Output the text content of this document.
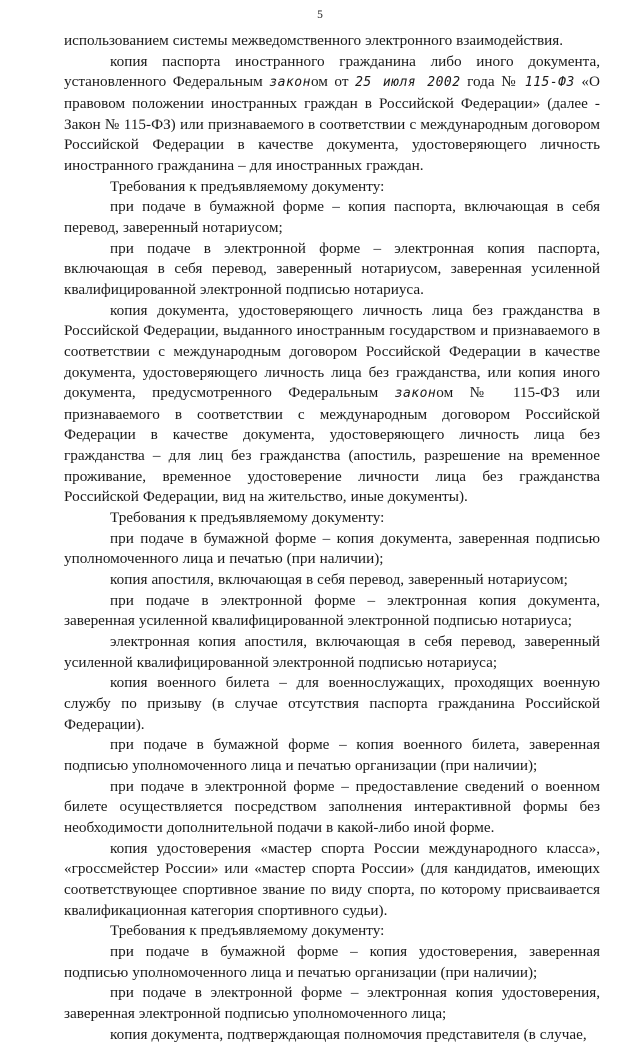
5

использованием системы межведомственного электронного взаимодействия.

копия паспорта иностранного гражданина либо иного документа, установленного Федеральным законом от 25 июля 2002 года № 115-ФЗ «О правовом положении иностранных граждан в Российской Федерации» (далее - Закон № 115-ФЗ) или признаваемого в соответствии с международным договором Российской Федерации в качестве документа, удостоверяющего личность иностранного гражданина – для иностранных граждан.

Требования к предъявляемому документу:

при подаче в бумажной форме – копия паспорта, включающая в себя перевод, заверенный нотариусом;

при подаче в электронной форме – электронная копия паспорта, включающая в себя перевод, заверенный нотариусом, заверенная усиленной квалифицированной электронной подписью нотариуса.

копия документа, удостоверяющего личность лица без гражданства в Российской Федерации, выданного иностранным государством и признаваемого в соответствии с международным договором Российской Федерации в качестве документа, удостоверяющего личность лица без гражданства, или копия иного документа, предусмотренного Федеральным законом № 115-ФЗ или признаваемого в соответствии с международным договором Российской Федерации в качестве документа, удостоверяющего личность лица без гражданства – для лиц без гражданства (апостиль, разрешение на временное проживание, временное удостоверение личности лица без гражданства Российской Федерации, вид на жительство, иные документы).

Требования к предъявляемому документу:

при подаче в бумажной форме – копия документа, заверенная подписью уполномоченного лица и печатью (при наличии);

копия апостиля, включающая в себя перевод, заверенный нотариусом;

при подаче в электронной форме – электронная копия документа, заверенная усиленной квалифицированной электронной подписью нотариуса;

электронная копия апостиля, включающая в себя перевод, заверенный усиленной квалифицированной электронной подписью нотариуса;

копия военного билета – для военнослужащих, проходящих военную службу по призыву (в случае отсутствия паспорта гражданина Российской Федерации).

при подаче в бумажной форме – копия военного билета, заверенная подписью уполномоченного лица и печатью организации (при наличии);

при подаче в электронной форме – предоставление сведений о военном билете осуществляется посредством заполнения интерактивной формы без необходимости дополнительной подачи в какой-либо иной форме.

копия удостоверения «мастер спорта России международного класса», «гроссмейстер России» или «мастер спорта России» (для кандидатов, имеющих соответствующее спортивное звание по виду спорта, по которому присваивается квалификационная категория спортивного судьи).

Требования к предъявляемому документу:

при подаче в бумажной форме – копия удостоверения, заверенная подписью уполномоченного лица и печатью организации (при наличии);

при подаче в электронной форме – электронная копия удостоверения, заверенная электронной подписью уполномоченного лица;

копия документа, подтверждающая полномочия представителя (в случае,
